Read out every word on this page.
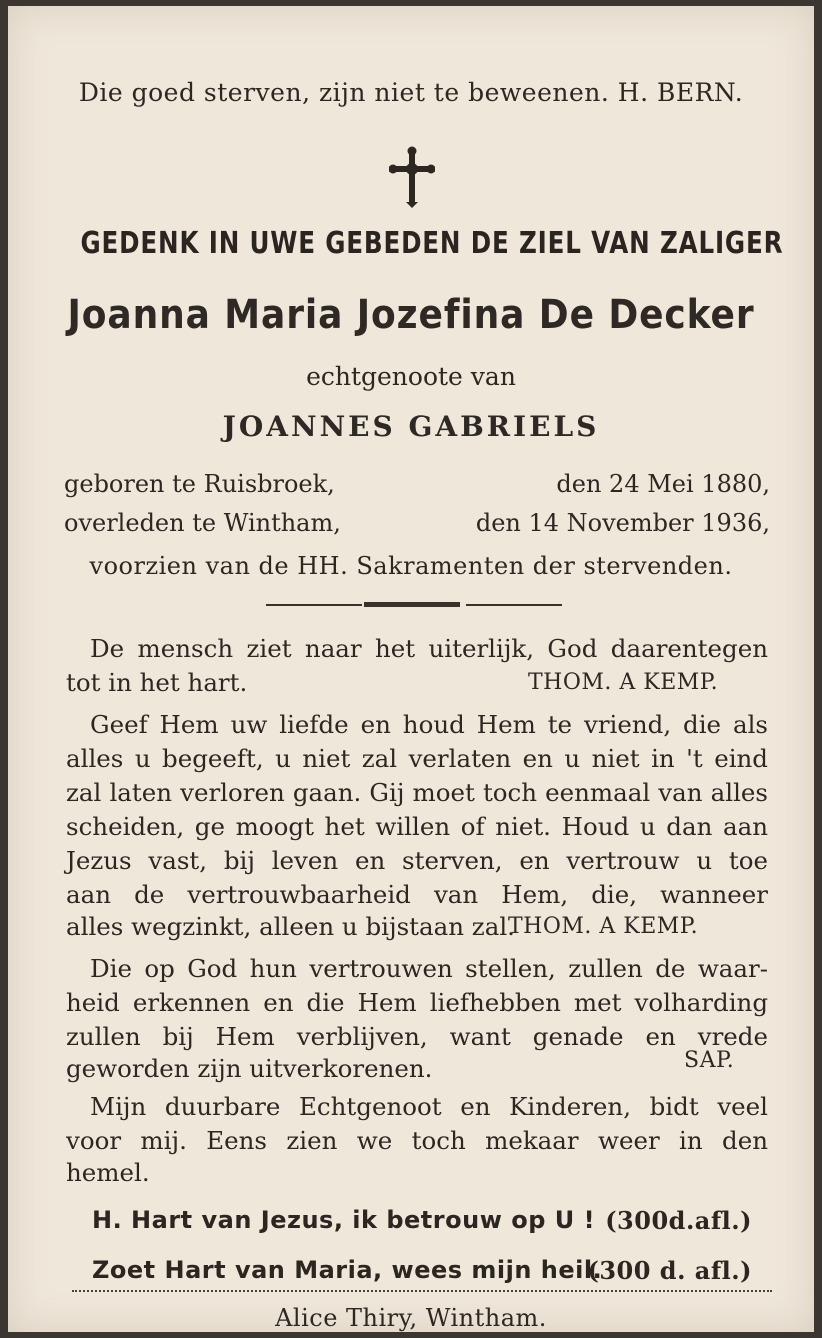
Die goed sterven, zijn niet te beweenen. H. BERN.
GEDENK IN UWE GEBEDEN DE ZIEL VAN ZALIGER
Joanna Maria Jozefina De Decker
echtgenoote van
JOANNES GABRIELS
geboren te Ruisbroek,	den 24 Mei 1880,
overleden te Wintham,	den 14 November 1936,
voorzien van de HH. Sakramenten der stervenden.
De mensch ziet naar het uiterlijk, God daarentegen
tot in het hart.	THOM. A KEMP.
Geef Hem uw liefde en houd Hem te vriend, die als
alles u begeeft, u niet zal verlaten en u niet in 't eind
zal laten verloren gaan. Gij moet toch eenmaal van alles
scheiden, ge moogt het willen of niet. Houd u dan aan
Jezus vast, bij leven en sterven, en vertrouw u toe
aan de vertrouwbaarheid van Hem, die, wanneer
alles wegzinkt, alleen u bijstaan zal.
THOM. A KEMP.
Die op God hun vertrouwen stellen, zullen de waar-
heid erkennen en die Hem liefhebben met volharding
zullen bij Hem verblijven, want genade en vrede
geworden zijn uitverkorenen.	SAP.
Mijn duurbare Echtgenoot en Kinderen, bidt veel
voor mij. Eens zien we toch mekaar weer in den
hemel.
H. Hart van Jezus, ik betrouw op U ! (300d.afl.)
Zoet Hart van Maria, wees mijn heil.
(300 d. afl.)
Alice Thiry, Wintham.
